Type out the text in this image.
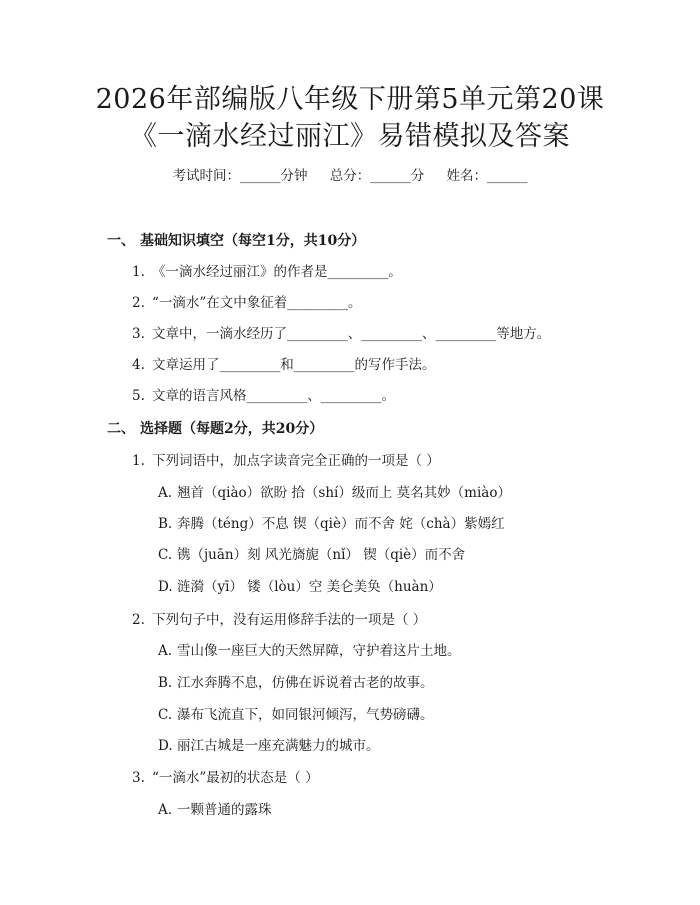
2026年部编版八年级下册第5单元第20课
《一滴水经过丽江》易错模拟及答案
考试时间：______分钟 总分：______分 姓名：______
一、 基础知识填空（每空1分，共10分）
1. 《一滴水经过丽江》的作者是_________。
2. “一滴水”在文中象征着_________。
3. 文章中，一滴水经历了_________、_________、_________等地方。
4. 文章运用了_________和_________的写作手法。
5. 文章的语言风格_________、_________。
二、 选择题（每题2分，共20分）
1. 下列词语中，加点字读音完全正确的一项是（ ）
A. 翘首（qiào）欲盼 拾（shí）级而上 莫名其妙（miào）
B. 奔腾（téng）不息 锲（qiè）而不舍 姹（chà）紫嫣红
C. 镌（juān）刻 风光旖旎（nǐ） 锲（qiè）而不舍
D. 涟漪（yī） 镂（lòu）空 美仑美奂（huàn）
2. 下列句子中，没有运用修辞手法的一项是（ ）
A. 雪山像一座巨大的天然屏障，守护着这片土地。
B. 江水奔腾不息，仿佛在诉说着古老的故事。
C. 瀑布飞流直下，如同银河倾泻，气势磅礴。
D. 丽江古城是一座充满魅力的城市。
3. “一滴水”最初的状态是（ ）
A. 一颗普通的露珠
